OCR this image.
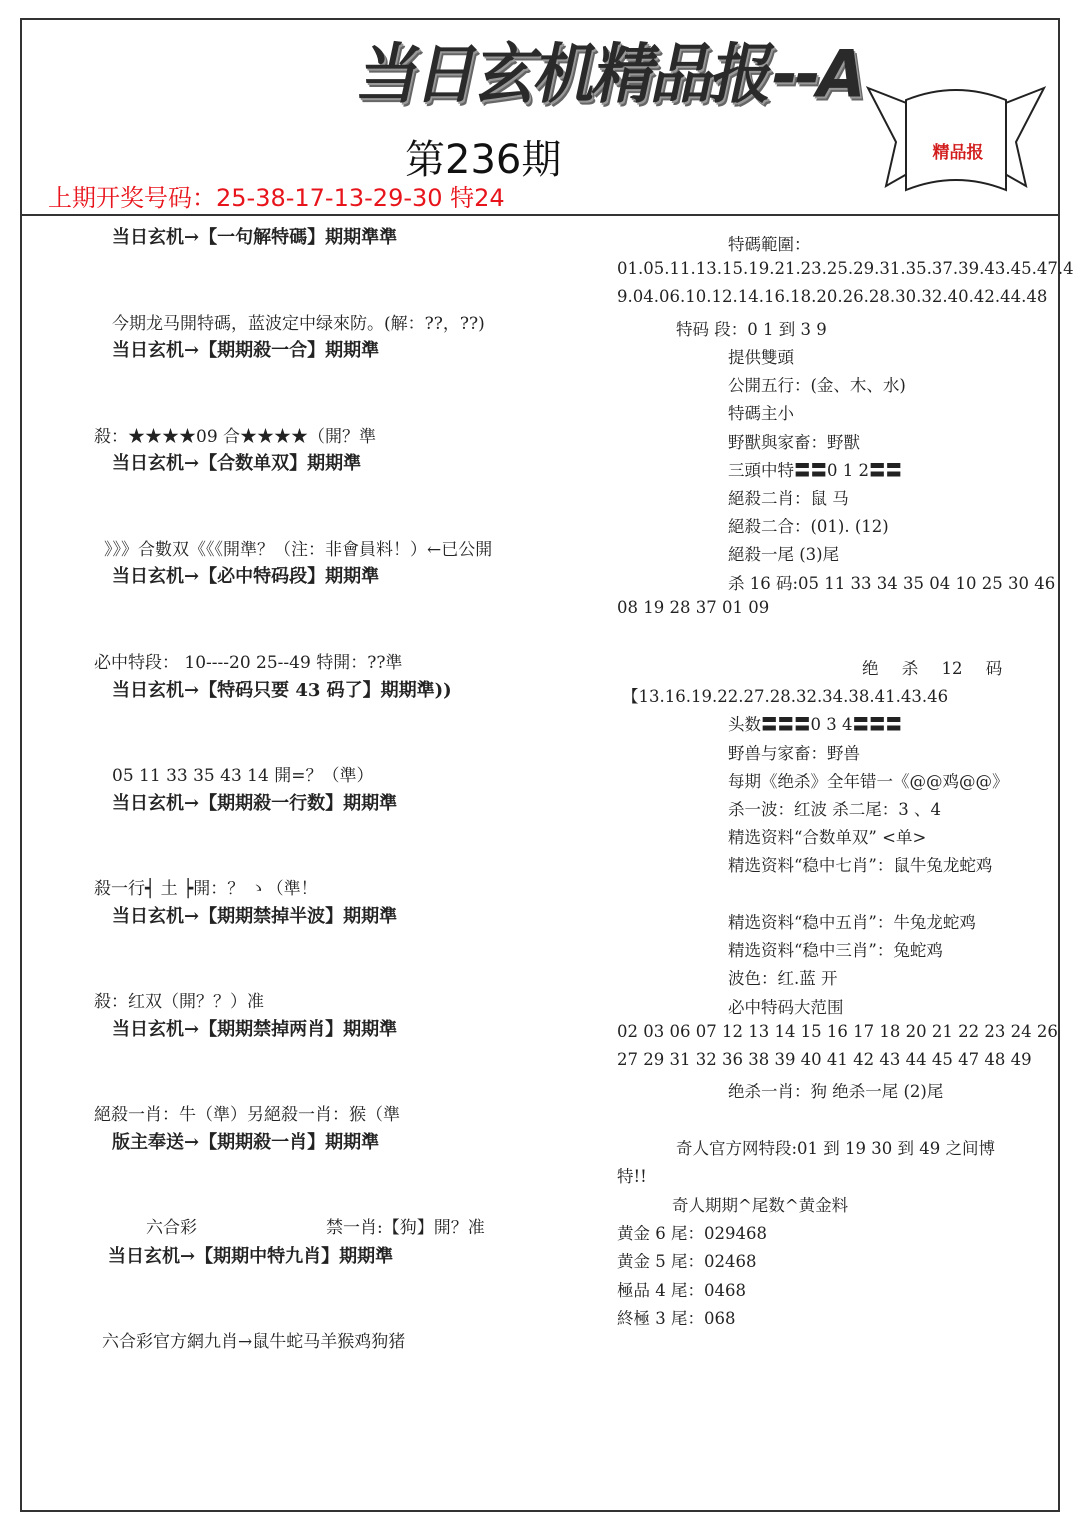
当日玄机精品报--A
精品报
第236期
上期开奖号码：25-38-17-13-29-30 特24
当日玄机→【一句解特碼】期期準準
今期龙马開特碼，蓝波定中绿來防。(解：??，??)
当日玄机→【期期殺一合】期期準
殺：★★★★09 合★★★★（開？準
当日玄机→【合数单双】期期準
》》》合數双《《《開準？（注：非會員料！）←已公開
当日玄机→【必中特码段】期期準
必中特段： 10----20 25--49 特開：??準
当日玄机→【特码只要 43 码了】期期準))
05 11 33 35 43 14 開=？（準）
当日玄机→【期期殺一行数】期期準
殺一行┥ 土 ┝開：？ ゝ（準！
当日玄机→【期期禁掉半波】期期準
殺：红双（開？？）准
当日玄机→【期期禁掉两肖】期期準
絕殺一肖：牛（準）另絕殺一肖：猴（準
版主奉送→【期期殺一肖】期期準
六合彩	禁一肖:【狗】開？准
当日玄机→【期期中特九肖】期期準
六合彩官方網九肖→鼠牛蛇马羊猴鸡狗猪
特碼範圍：
01.05.11.13.15.19.21.23.25.29.31.35.37.39.43.45.47.4
9.04.06.10.12.14.16.18.20.26.28.30.32.40.42.44.48
特码 段：0 1 到 3 9
提供雙頭
公開五行：(金、木、水)
特碼主小
野獸與家畜：野獸
三頭中特〓〓0 1 2〓〓
絕殺二肖：鼠 马
絕殺二合：(01). (12)
絕殺一尾 (3)尾
杀 16 码:05 11 33 34 35 04 10 25 30 46
08 19 28 37 01 09
绝 杀 12 码
【13.16.19.22.27.28.32.34.38.41.43.46
头数〓〓〓0 3 4〓〓〓
野兽与家畜：野兽
每期《绝杀》全年错一《@@鸡@@》
杀一波：红波 杀二尾：3 、4
精选资料“合数单双” <单>
精选资料“稳中七肖”：鼠牛兔龙蛇鸡
精选资料“稳中五肖”：牛兔龙蛇鸡
精选资料“稳中三肖”：兔蛇鸡
波色：红.蓝 开
必中特码大范围
02 03 06 07 12 13 14 15 16 17 18 20 21 22 23 24 26
27 29 31 32 36 38 39 40 41 42 43 44 45 47 48 49
绝杀一肖：狗 绝杀一尾 (2)尾
奇人官方网特段:01 到 19 30 到 49 之间博
特!!
奇人期期^尾数^黄金料
黄金 6 尾：029468
黄金 5 尾：02468
極品 4 尾：0468
終極 3 尾：068
